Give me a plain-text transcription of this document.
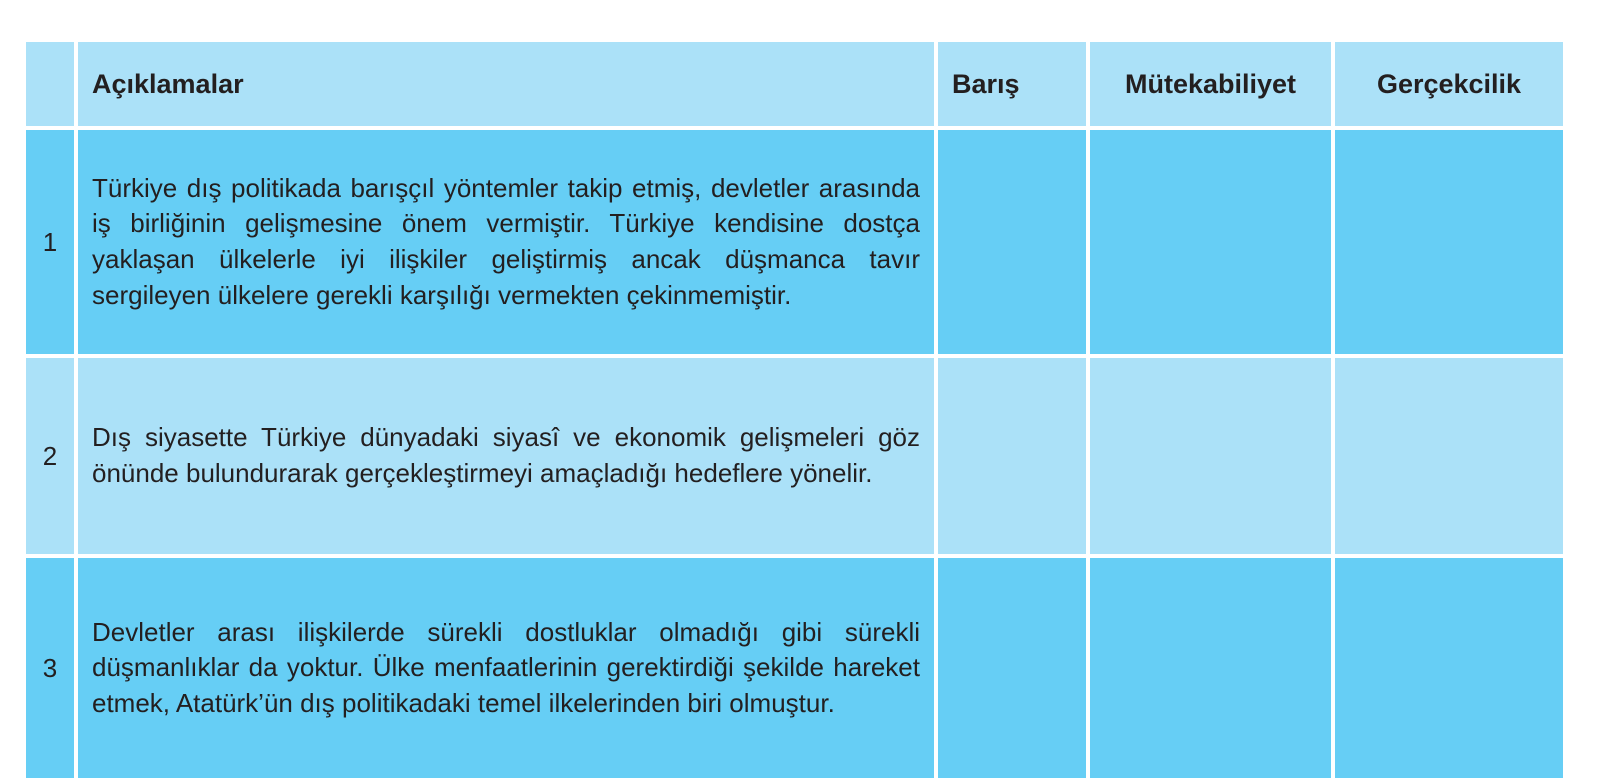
	Açıklamalar	Barış	Mütekabiliyet	Gerçekcilik
1	Türkiye dış politikada barışçıl yöntemler takip etmiş, devletler arasında iş birliğinin gelişmesine önem vermiştir. Türkiye kendisine dostça yaklaşan ülkelerle iyi ilişkiler geliştirmiş ancak düşmanca tavır sergileyen ülkelere gerekli karşılığı vermekten çekinmemiştir.			
2	Dış siyasette Türkiye dünyadaki siyasî ve ekonomik gelişmeleri göz önünde bulundurarak gerçekleştirmeyi amaçladığı hedeflere yönelir.			
3	Devletler arası ilişkilerde sürekli dostluklar olmadığı gibi sürekli düşmanlıklar da yoktur. Ülke menfaatlerinin gerektirdiği şekilde hareket etmek, Atatürk’ün dış politikadaki temel ilkelerinden biri olmuştur.			
